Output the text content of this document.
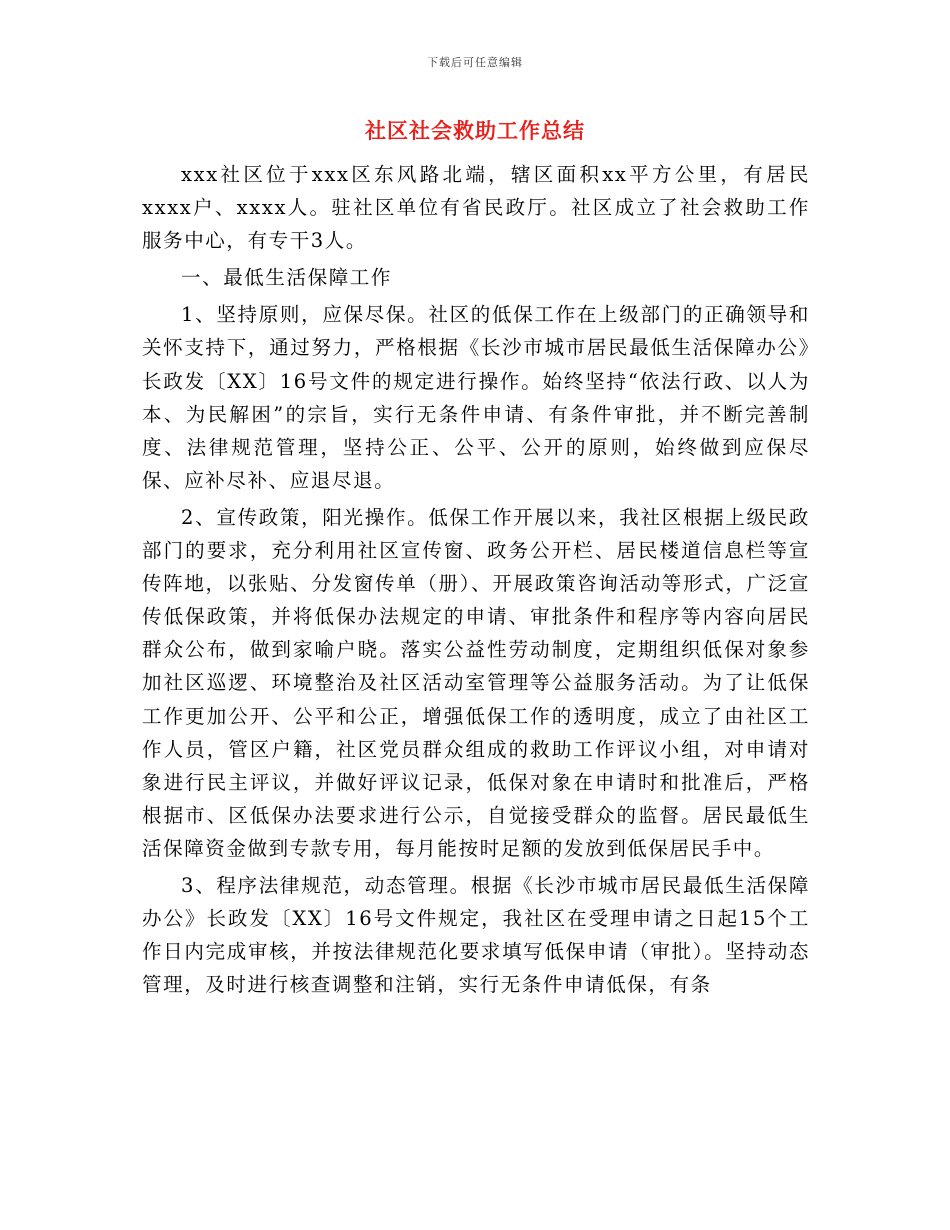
下载后可任意编辑
社区社会救助工作总结

xxx社区位于xxx区东风路北端，辖区面积xx平方公里，有居民xxxx户、xxxx人。驻社区单位有省民政厅。社区成立了社会救助工作服务中心，有专干3人。

一、最低生活保障工作

1、坚持原则，应保尽保。社区的低保工作在上级部门的正确领导和关怀支持下，通过努力，严格根据《长沙市城市居民最低生活保障办公》长政发〔XX〕16号文件的规定进行操作。始终坚持“依法行政、以人为本、为民解困”的宗旨，实行无条件申请、有条件审批，并不断完善制度、法律规范管理，坚持公正、公平、公开的原则，始终做到应保尽保、应补尽补、应退尽退。

2、宣传政策，阳光操作。低保工作开展以来，我社区根据上级民政部门的要求，充分利用社区宣传窗、政务公开栏、居民楼道信息栏等宣传阵地，以张贴、分发窗传单（册）、开展政策咨询活动等形式，广泛宣传低保政策，并将低保办法规定的申请、审批条件和程序等内容向居民群众公布，做到家喻户晓。落实公益性劳动制度，定期组织低保对象参加社区巡逻、环境整治及社区活动室管理等公益服务活动。为了让低保工作更加公开、公平和公正，增强低保工作的透明度，成立了由社区工作人员，管区户籍，社区党员群众组成的救助工作评议小组，对申请对象进行民主评议，并做好评议记录，低保对象在申请时和批准后，严格根据市、区低保办法要求进行公示，自觉接受群众的监督。居民最低生活保障资金做到专款专用，每月能按时足额的发放到低保居民手中。

3、程序法律规范，动态管理。根据《长沙市城市居民最低生活保障办公》长政发〔XX〕16号文件规定，我社区在受理申请之日起15个工作日内完成审核，并按法律规范化要求填写低保申请（审批）。坚持动态管理，及时进行核查调整和注销，实行无条件申请低保，有条
